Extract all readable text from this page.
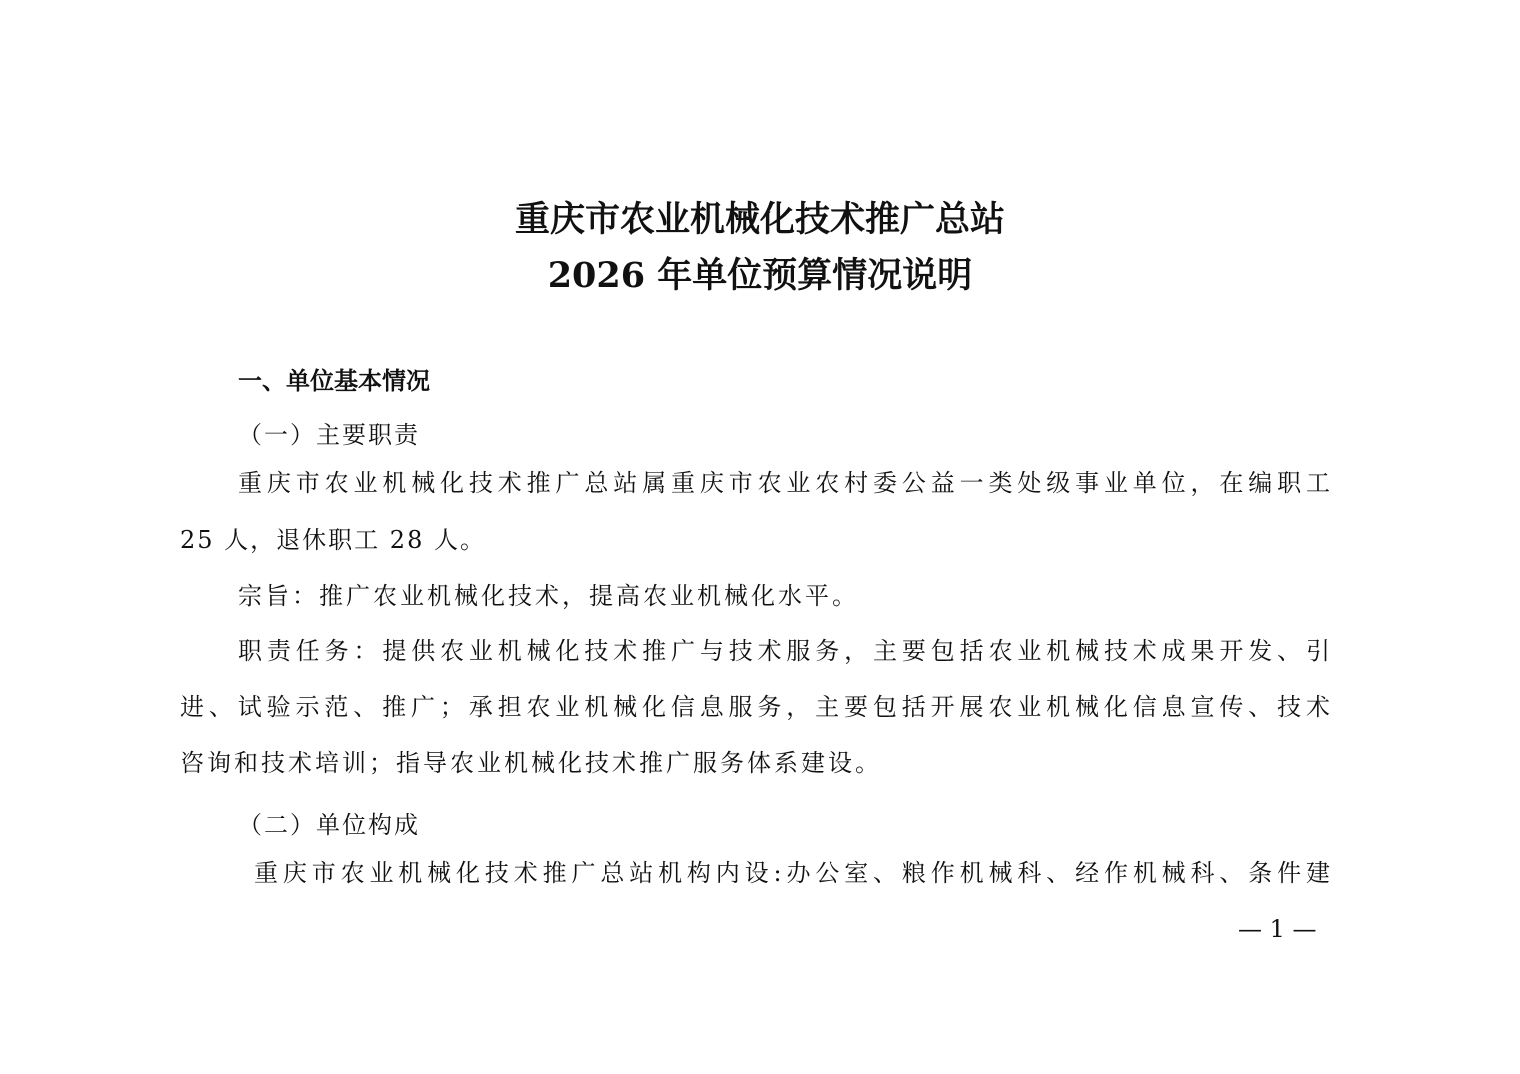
重庆市农业机械化技术推广总站
2026 年单位预算情况说明
一、单位基本情况
（一）主要职责
重庆市农业机械化技术推广总站属重庆市农业农村委公益一类处级事业单位，在编职工
25 人，退休职工 28 人。
宗旨：推广农业机械化技术，提高农业机械化水平。
职责任务：提供农业机械化技术推广与技术服务，主要包括农业机械技术成果开发、引
进、试验示范、推广；承担农业机械化信息服务，主要包括开展农业机械化信息宣传、技术
咨询和技术培训；指导农业机械化技术推广服务体系建设。
（二）单位构成
重庆市农业机械化技术推广总站机构内设:办公室、粮作机械科、经作机械科、条件建
— 1 —
